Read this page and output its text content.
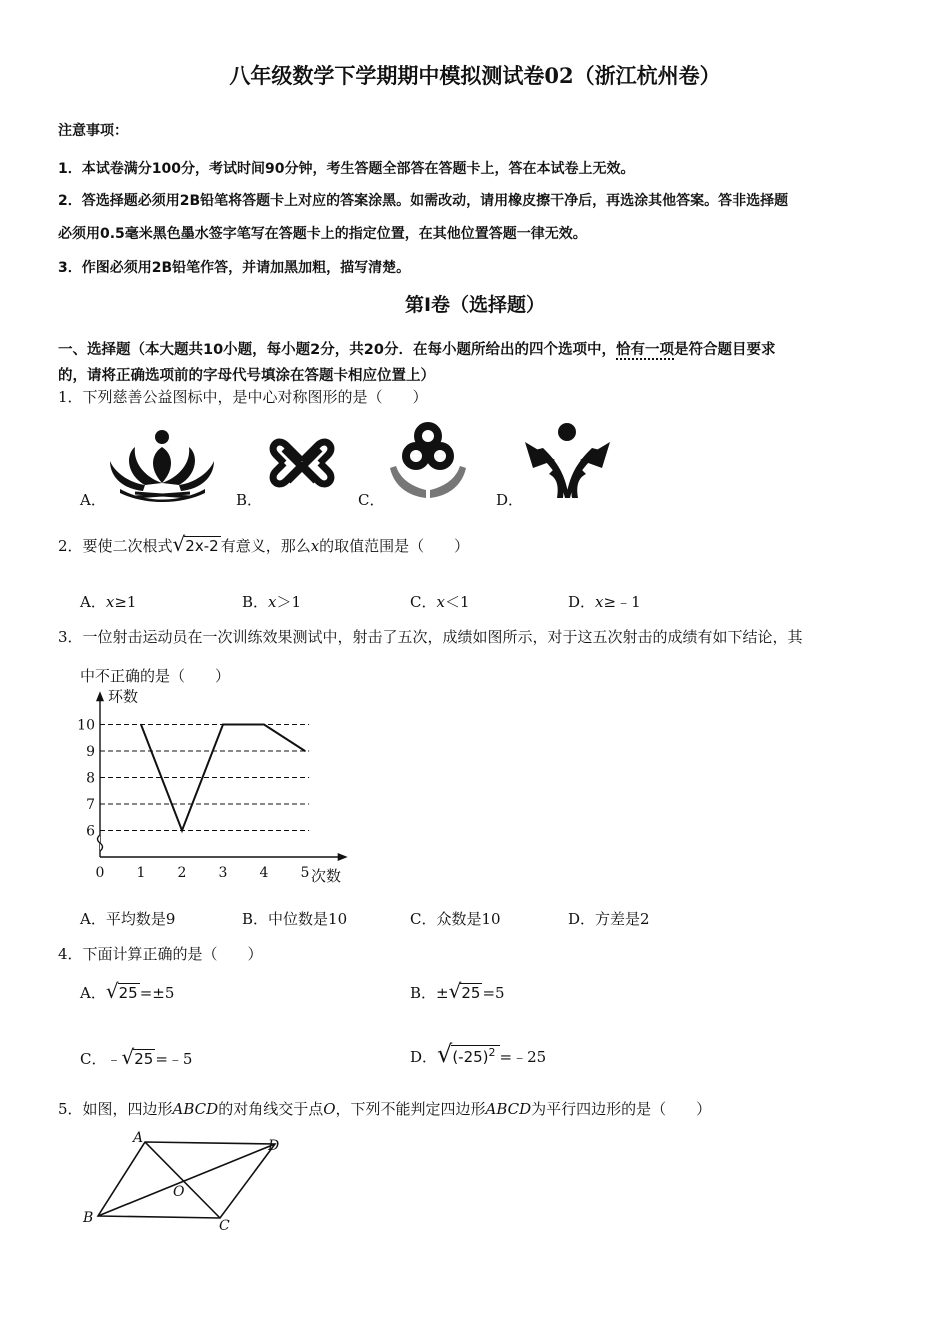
八年级数学下学期期中模拟测试卷02（浙江杭州卷）
注意事项：
1．本试卷满分100分，考试时间90分钟，考生答题全部答在答题卡上，答在本试卷上无效。
2．答选择题必须用2B铅笔将答题卡上对应的答案涂黑。如需改动，请用橡皮擦干净后，再选涂其他答案。答非选择题
必须用0.5毫米黑色墨水签字笔写在答题卡上的指定位置，在其他位置答题一律无效。
3．作图必须用2B铅笔作答，并请加黑加粗，描写清楚。
第Ⅰ卷（选择题）
一、选择题（本大题共10小题，每小题2分，共20分．在每小题所给出的四个选项中，恰有一项是符合题目要求
的，请将正确选项前的字母代号填涂在答题卡相应位置上）
1．下列慈善公益图标中，是中心对称图形的是（　　）
A．	B．	C．	D．
2．要使二次根式√2x-2 有意义，那么x的取值范围是（　　）
A．x≥1	B．x＞1	C．x＜1	D．x≥﹣1
3．一位射击运动员在一次训练效果测试中，射击了五次，成绩如图所示，对于这五次射击的成绩有如下结论，其
中不正确的是（　　）
6
7
8
9
10
0 1 2 3 4 5
环数
次数
A．平均数是9	B．中位数是10	C．众数是10	D．方差是2
4．下面计算正确的是（　　）
A．√25 =±5	B．±√25 =5
C．﹣√25 =﹣5	D．$√(-25)^2$ =﹣25
5．如图，四边形ABCD的对角线交于点O，下列不能判定四边形ABCD为平行四边形的是（　　）
A	D
B	C
O
